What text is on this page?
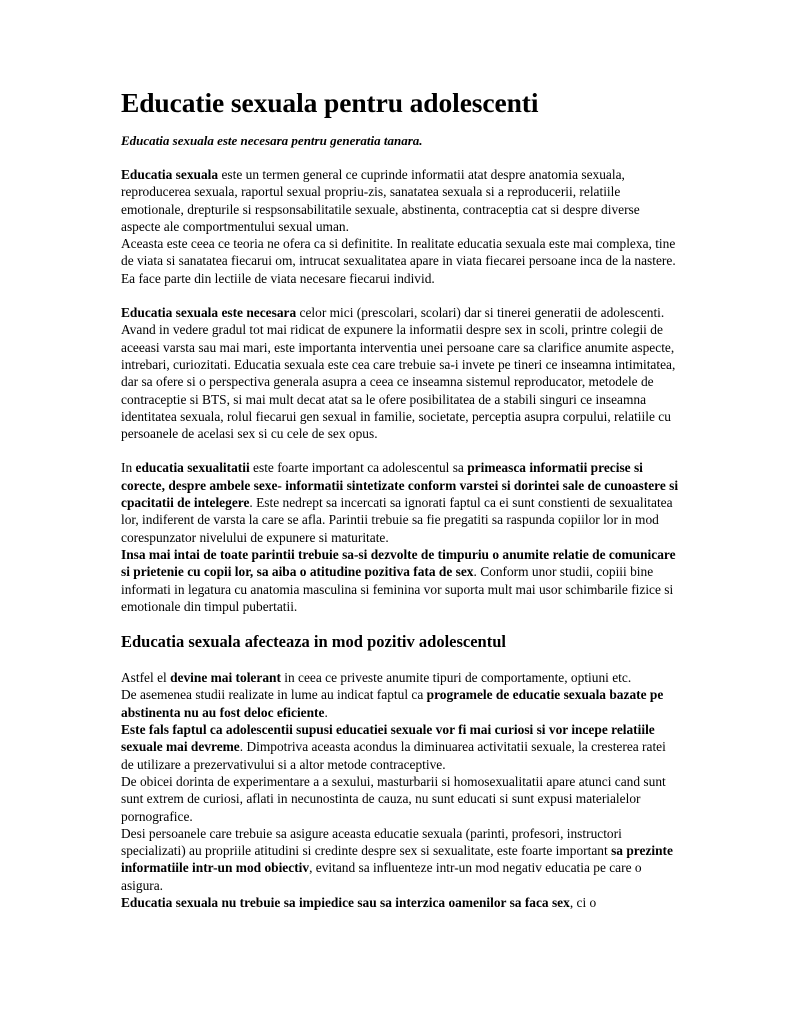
Educatie sexuala pentru adolescenti
Educatia sexuala este necesara pentru generatia tanara.

Educatia sexuala este un termen general ce cuprinde informatii atat despre anatomia sexuala, reproducerea sexuala, raportul sexual propriu-zis, sanatatea sexuala si a reproducerii, relatiile emotionale, drepturile si respsonsabilitatile sexuale, abstinenta, contraceptia cat si despre diverse aspecte ale comportmentului sexual uman.

Aceasta este ceea ce teoria ne ofera ca si definitite. In realitate educatia sexuala este mai complexa, tine de viata si sanatatea fiecarui om, intrucat sexualitatea apare in viata fiecarei persoane inca de la nastere. Ea face parte din lectiile de viata necesare fiecarui individ.

Educatia sexuala este necesara celor mici (prescolari, scolari) dar si tinerei generatii de adolescenti. Avand in vedere gradul tot mai ridicat de expunere la informatii despre sex in scoli, printre colegii de aceeasi varsta sau mai mari, este importanta interventia unei persoane care sa clarifice anumite aspecte, intrebari, curiozitati. Educatia sexuala este cea care trebuie sa-i invete pe tineri ce inseamna intimitatea, dar sa ofere si o perspectiva generala asupra a ceea ce inseamna sistemul reproducator, metodele de contraceptie si BTS, si mai mult decat atat sa le ofere posibilitatea de a stabili singuri ce inseamna identitatea sexuala, rolul fiecarui gen sexual in familie, societate, perceptia asupra corpului, relatiile cu persoanele de acelasi sex si cu cele de sex opus.

In educatia sexualitatii este foarte important ca adolescentul sa primeasca informatii precise si corecte, despre ambele sexe- informatii sintetizate conform varstei si dorintei sale de cunoastere si cpacitatii de intelegere. Este nedrept sa incercati sa ignorati faptul ca ei sunt constienti de sexualitatea lor, indiferent de varsta la care se afla. Parintii trebuie sa fie pregatiti sa raspunda copiilor lor in mod corespunzator nivelului de expunere si maturitate.

Insa mai intai de toate parintii trebuie sa-si dezvolte de timpuriu o anumite relatie de comunicare si prietenie cu copii lor, sa aiba o atitudine pozitiva fata de sex. Conform unor studii, copiii bine informati in legatura cu anatomia masculina si feminina vor suporta mult mai usor schimbarile fizice si emotionale din timpul pubertatii.

Educatia sexuala afecteaza in mod pozitiv adolescentul

Astfel el devine mai tolerant in ceea ce priveste anumite tipuri de comportamente, optiuni etc.

De asemenea studii realizate in lume au indicat faptul ca programele de educatie sexuala bazate pe abstinenta nu au fost deloc eficiente.

Este fals faptul ca adolescentii supusi educatiei sexuale vor fi mai curiosi si vor incepe relatiile sexuale mai devreme. Dimpotriva aceasta acondus la diminuarea activitatii sexuale, la cresterea ratei de utilizare a prezervativului si a altor metode contraceptive.

De obicei dorinta de experimentare a a sexului, masturbarii si homosexualitatii apare atunci cand sunt sunt extrem de curiosi, aflati in necunostinta de cauza, nu sunt educati si sunt expusi materialelor pornografice.

Desi persoanele care trebuie sa asigure aceasta educatie sexuala (parinti, profesori, instructori specializati) au propriile atitudini si credinte despre sex si sexualitate, este foarte important sa prezinte informatiile intr-un mod obiectiv, evitand sa influenteze intr-un mod negativ educatia pe care o asigura.

Educatia sexuala nu trebuie sa impiedice sau sa interzica oamenilor sa faca sex, ci o
